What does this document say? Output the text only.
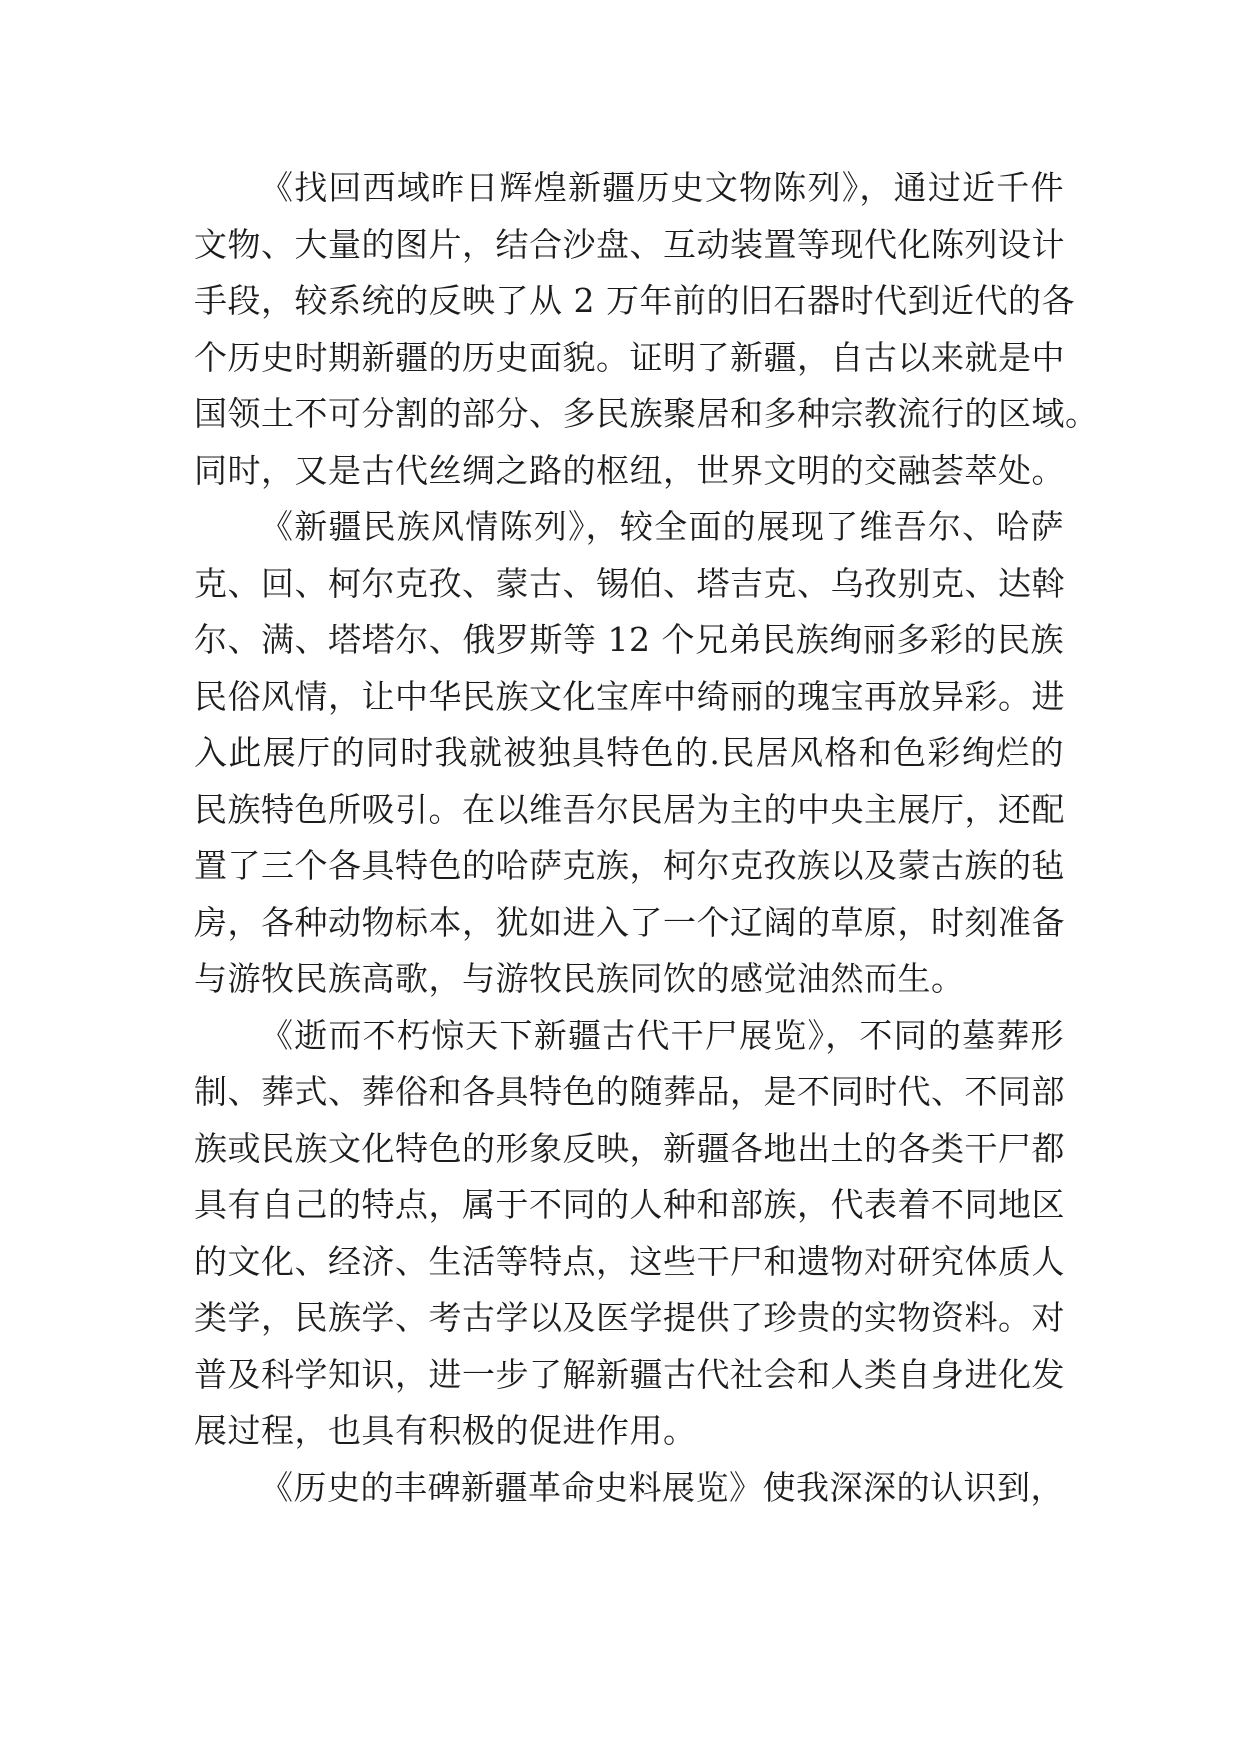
《找回西域昨日辉煌新疆历史文物陈列》，通过近千件
文物、大量的图片，结合沙盘、互动装置等现代化陈列设计
手段，较系统的反映了从 2 万年前的旧石器时代到近代的各
个历史时期新疆的历史面貌。证明了新疆，自古以来就是中
国领土不可分割的部分、多民族聚居和多种宗教流行的区域。
同时，又是古代丝绸之路的枢纽，世界文明的交融荟萃处。
《新疆民族风情陈列》，较全面的展现了维吾尔、哈萨
克、回、柯尔克孜、蒙古、锡伯、塔吉克、乌孜别克、达斡
尔、满、塔塔尔、俄罗斯等 12 个兄弟民族绚丽多彩的民族
民俗风情，让中华民族文化宝库中绮丽的瑰宝再放异彩。进
入此展厅的同时我就被独具特色的.民居风格和色彩绚烂的
民族特色所吸引。在以维吾尔民居为主的中央主展厅，还配
置了三个各具特色的哈萨克族，柯尔克孜族以及蒙古族的毡
房，各种动物标本，犹如进入了一个辽阔的草原，时刻准备
与游牧民族高歌，与游牧民族同饮的感觉油然而生。
《逝而不朽惊天下新疆古代干尸展览》，不同的墓葬形
制、葬式、葬俗和各具特色的随葬品，是不同时代、不同部
族或民族文化特色的形象反映，新疆各地出土的各类干尸都
具有自己的特点，属于不同的人种和部族，代表着不同地区
的文化、经济、生活等特点，这些干尸和遗物对研究体质人
类学，民族学、考古学以及医学提供了珍贵的实物资料。对
普及科学知识，进一步了解新疆古代社会和人类自身进化发
展过程，也具有积极的促进作用。
《历史的丰碑新疆革命史料展览》使我深深的认识到，
